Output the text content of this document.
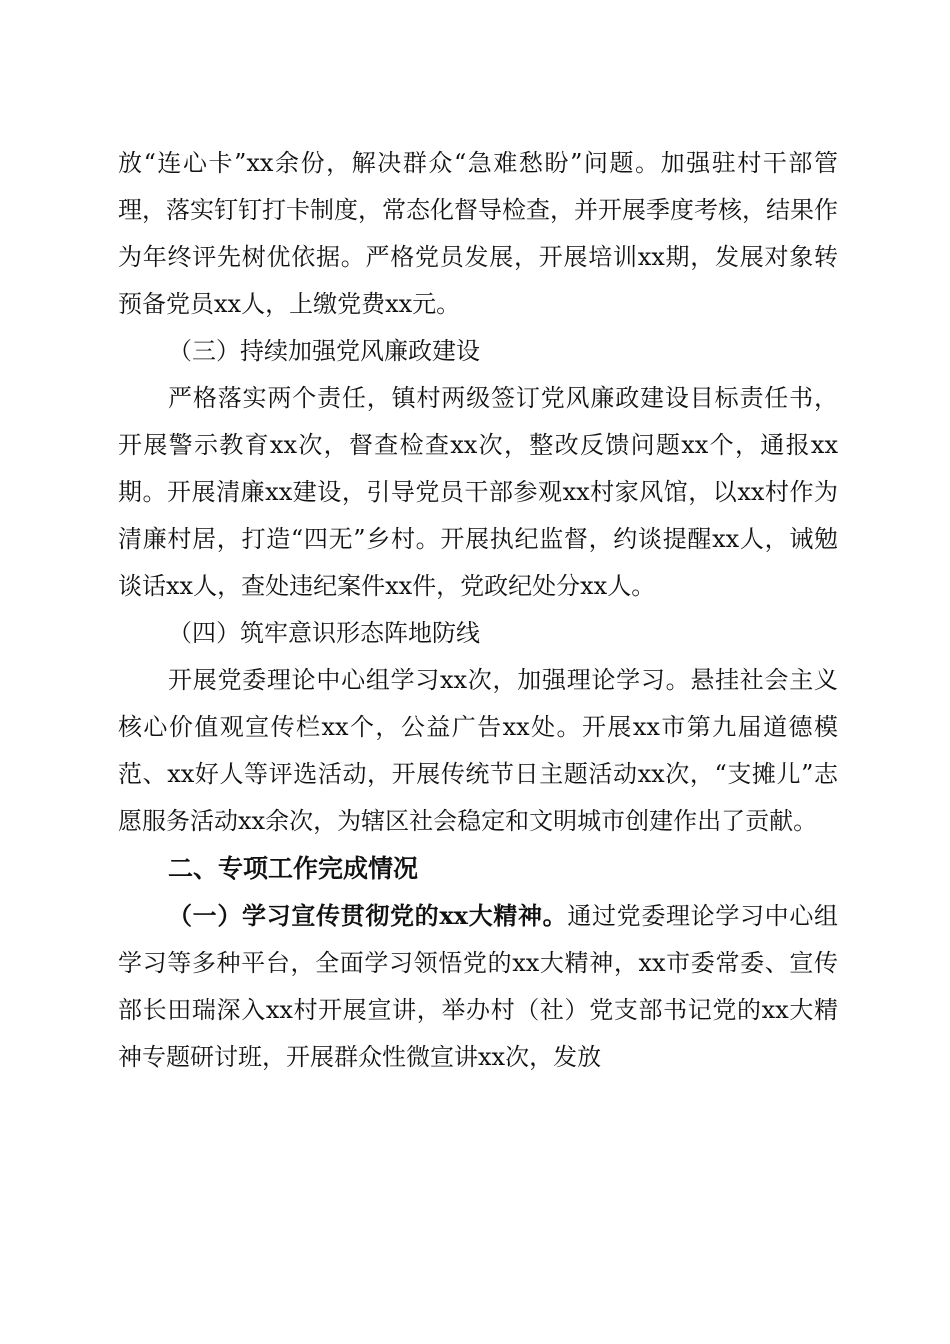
放“连心卡”xx余份，解决群众“急难愁盼”问题。加强驻村干部管理，落实钉钉打卡制度，常态化督导检查，并开展季度考核，结果作为年终评先树优依据。严格党员发展，开展培训xx期，发展对象转预备党员xx人，上缴党费xx元。

（三）持续加强党风廉政建设

严格落实两个责任，镇村两级签订党风廉政建设目标责任书，开展警示教育xx次，督查检查xx次，整改反馈问题xx个，通报xx期。开展清廉xx建设，引导党员干部参观xx村家风馆，以xx村作为清廉村居，打造“四无”乡村。开展执纪监督，约谈提醒xx人，诫勉谈话xx人，查处违纪案件xx件，党政纪处分xx人。

（四）筑牢意识形态阵地防线

开展党委理论中心组学习xx次，加强理论学习。悬挂社会主义核心价值观宣传栏xx个，公益广告xx处。开展xx市第九届道德模范、xx好人等评选活动，开展传统节日主题活动xx次，“支摊儿”志愿服务活动xx余次，为辖区社会稳定和文明城市创建作出了贡献。

二、专项工作完成情况

（一）学习宣传贯彻党的xx大精神。通过党委理论学习中心组学习等多种平台，全面学习领悟党的xx大精神，xx市委常委、宣传部长田瑞深入xx村开展宣讲，举办村（社）党支部书记党的xx大精神专题研讨班，开展群众性微宣讲xx次，发放
